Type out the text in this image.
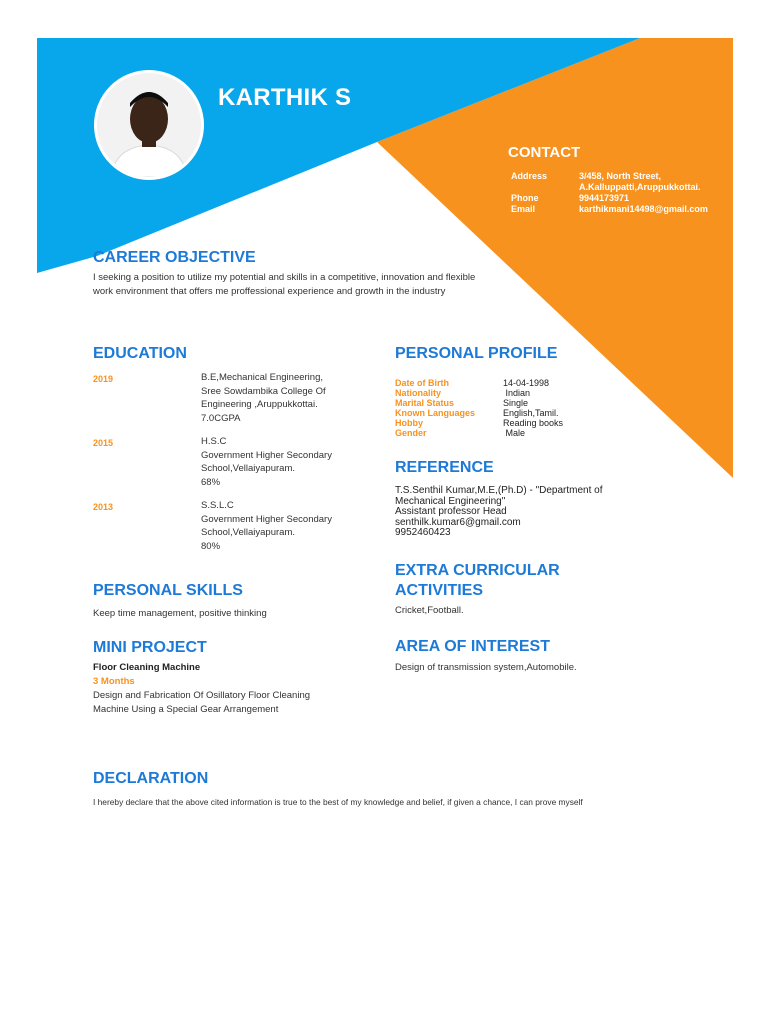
KARTHIK S
CONTACT
Address	3/458, North Street,
A.Kalluppatti,Aruppukkottai.
Phone	9944173971
Email	karthikmani14498@gmail.com
CAREER OBJECTIVE
I seeking a position to utilize my potential and skills in a competitive, innovation and flexible work environment that offers me proffessional experience and growth in the industry
EDUCATION
2019	B.E,Mechanical Engineering,
Sree Sowdambika College Of
Engineering ,Aruppukkottai.
7.0CGPA
2015	H.S.C
Government Higher Secondary
School,Vellaiyapuram.
68%
2013	S.S.L.C
Government Higher Secondary
School,Vellaiyapuram.
80%
PERSONAL PROFILE
Date of Birth	14-04-1998
Nationality	Indian
Marital Status	Single
Known Languages	English,Tamil.
Hobby	Reading books
Gender	Male
REFERENCE
T.S.Senthil Kumar,M.E,(Ph.D) - "Department of
Mechanical Engineering"
Assistant professor Head
senthilk.kumar6@gmail.com
9952460423
PERSONAL SKILLS
Keep time management, positive thinking
EXTRA CURRICULAR
ACTIVITIES
Cricket,Football.
MINI PROJECT
Floor Cleaning Machine
3 Months
Design and Fabrication Of Osillatory Floor Cleaning
Machine Using a Special Gear Arrangement
AREA OF INTEREST
Design of transmission system,Automobile.
DECLARATION
I hereby declare that the above cited information is true to the best of my knowledge and belief, if given a chance, I can prove myself
